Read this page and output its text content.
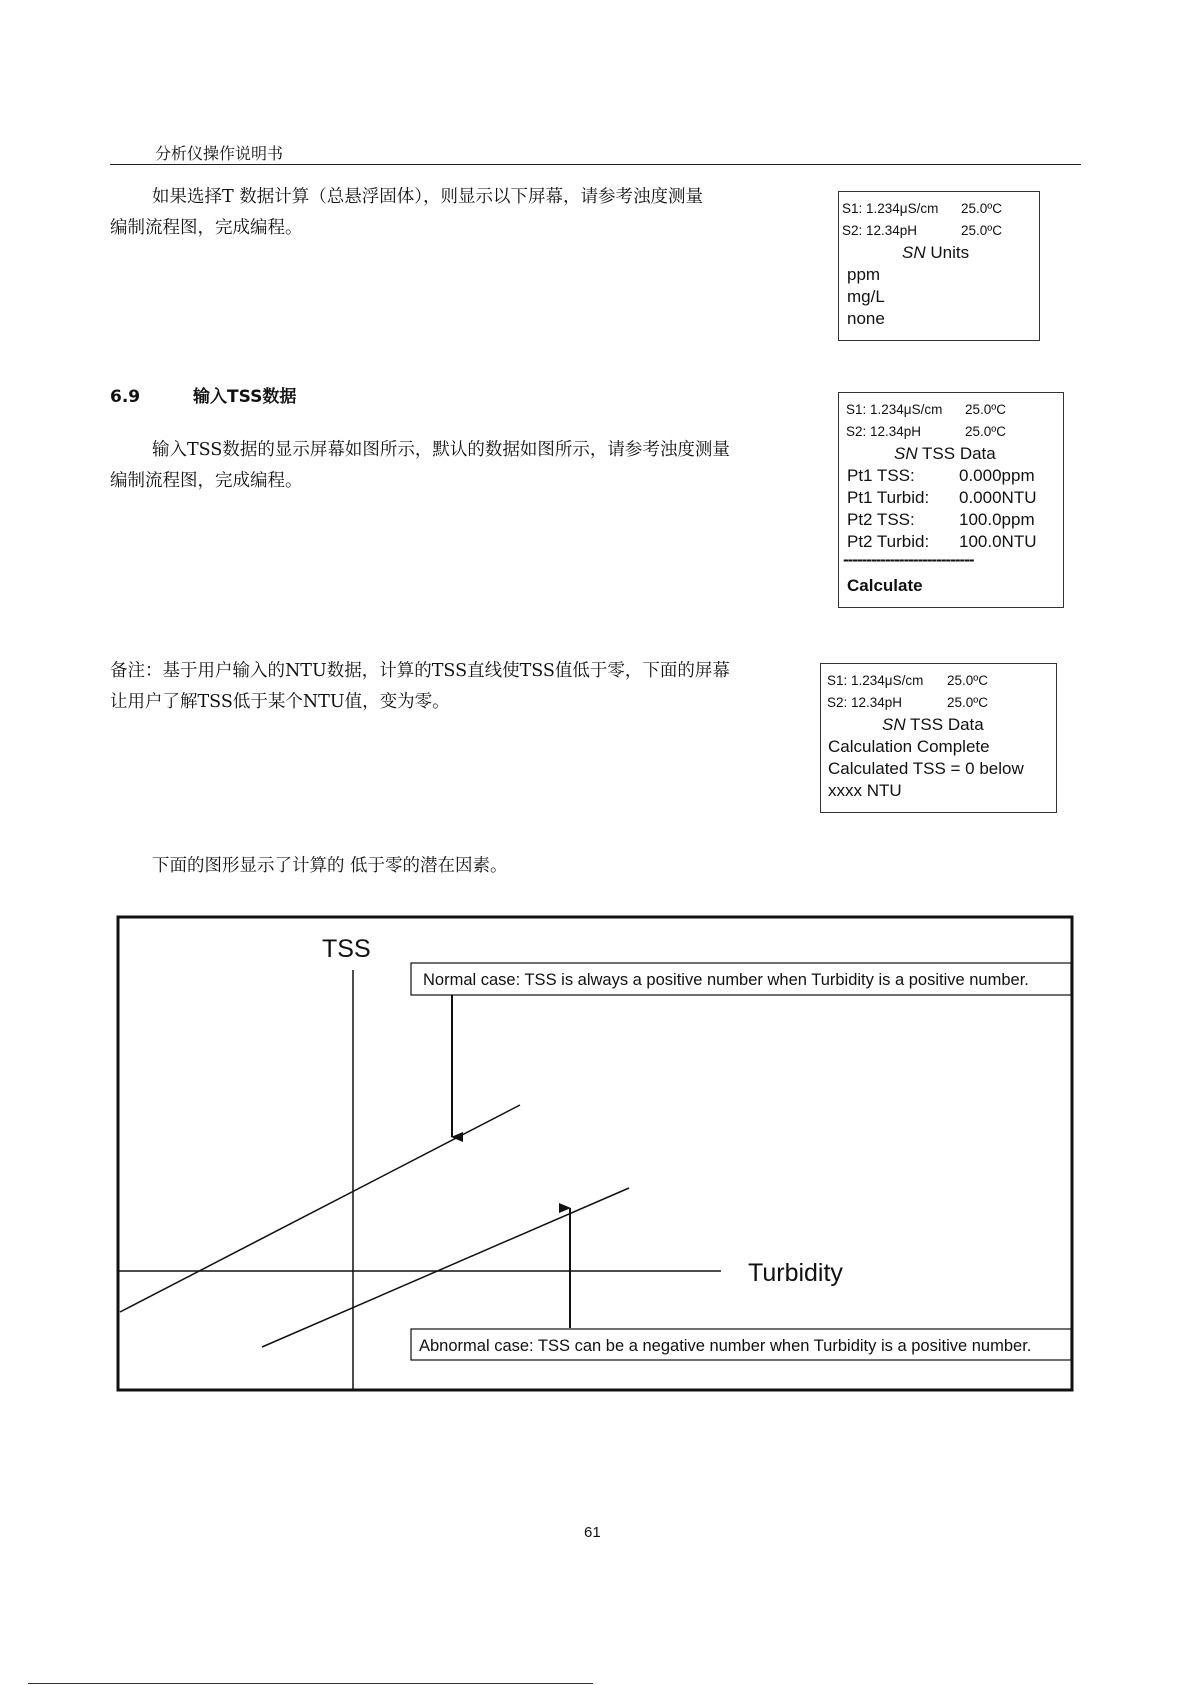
分析仪操作说明书

如果选择T 数据计算（总悬浮固体），则显示以下屏幕，请参考浊度测量
编制流程图，完成编程。

S1: 1.234μS/cm 25.0ºC
S2: 12.34pH	25.0ºC
SN Units
ppm
mg/L
none
6.9	输入TSS数据

输入TSS数据的显示屏幕如图所示，默认的数据如图所示，请参考浊度测量
编制流程图，完成编程。

S1: 1.234μS/cm 25.0ºC
S2: 12.34pH	25.0ºC
SN TSS Data
Pt1 TSS:	0.000ppm
Pt1 Turbid: 0.000NTU
Pt2 TSS:	100.0ppm
Pt2 Turbid: 100.0NTU
----------------------------
Calculate

备注：基于用户输入的NTU数据，计算的TSS直线使TSS值低于零，下面的屏幕
让用户了解TSS低于某个NTU值，变为零。

S1: 1.234μS/cm 25.0ºC
S2: 12.34pH	25.0ºC
SN TSS Data
Calculation Complete
Calculated TSS = 0 below
xxxx NTU

下面的图形显示了计算的 低于零的潜在因素。

Normal case: TSS is always a positive number when Turbidity is a positive number.
Abnormal case: TSS can be a negative number when Turbidity is a positive number.
TSS
Turbidity
61
